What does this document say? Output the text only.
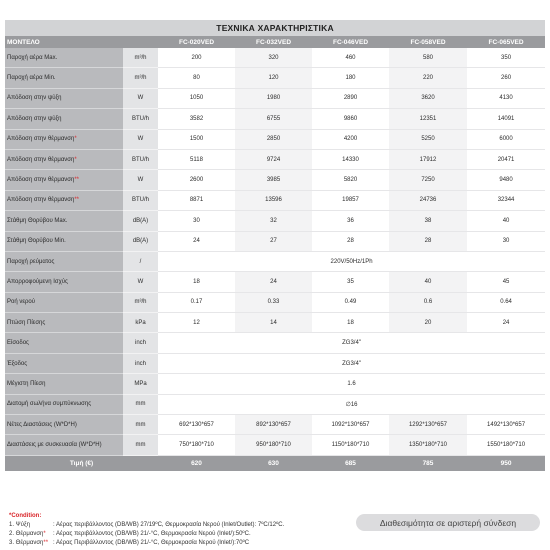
ΤΕΧΝΙΚΑ ΧΑΡΑΚΤΗΡΙΣΤΙΚΑ						
ΜΟΝΤΕΛΟ		FC-020VED	FC-032VED	FC-046VED	FC-058VED	FC-065VED
Παροχή αέρα Max.	m³/h	200	320	460	580	350
Παροχή αέρα Min.	m³/h	80	120	180	220	260
Απόδοση στην ψύξη	W	1050	1980	2890	3620	4130
Απόδοση στην ψύξη	BTU/h	3582	6755	9860	12351	14091
Απόδοση στην θέρμανση*	W	1500	2850	4200	5250	6000
Απόδοση στην θέρμανση*	BTU/h	5118	9724	14330	17912	20471
Απόδοση στην θέρμανση**	W	2600	3985	5820	7250	9480
Απόδοση στην θέρμανση**	BTU/h	8871	13596	19857	24736	32344
Στάθμη Θορύβου Max.	dB(A)	30	32	36	38	40
Στάθμη Θορύβου Min.	dB(A)	24	27	28	28	30
Παροχή ρεύματος	/	220V/50Hz/1Ph				
Απορροφούμενη Ισχύς	W	18	24	35	40	45
Ροή νερού	m³/h	0.17	0.33	0.49	0.6	0.64
Πτώση Πίεσης	kPa	12	14	18	20	24
Είσοδος	inch	ZG3/4"				
Έξοδος	inch	ZG3/4"				
Μέγιστη Πίεση	MPa	1.6				
Διατομή σωλήνα συμπύκνωσης	mm	∅16				
Νέτες Διαστάσεις (W*D*H)	mm	692*130*657	892*130*657	1092*130*657	1292*130*657	1492*130*657
Διαστάσεις με συσκευασία (W*D*H)	mm	750*180*710	950*180*710	1150*180*710	1350*180*710	1550*180*710
Τιμή (€)		620	630	685	785	950
*Condition:
1. Ψύξη	: Αέρας περιβάλλοντος (DB/WB) 27/19ºC, Θερμοκρασία Νερού (Inlet/Outlet): 7ºC/12ºC.
2. Θέρμανση*	: Αέρας περιβάλλοντος (DB/WB) 21/-°C, Θερμοκρασία Νερού (Inlet/):50ºC.
3. Θέρμανση** : Αέρας Περιβάλλοντος (DB/WB) 21/-°C, Θερμοκρασία Νερού (Inlet/):70ºC
Διαθεσιμότητα σε αριστερή σύνδεση
